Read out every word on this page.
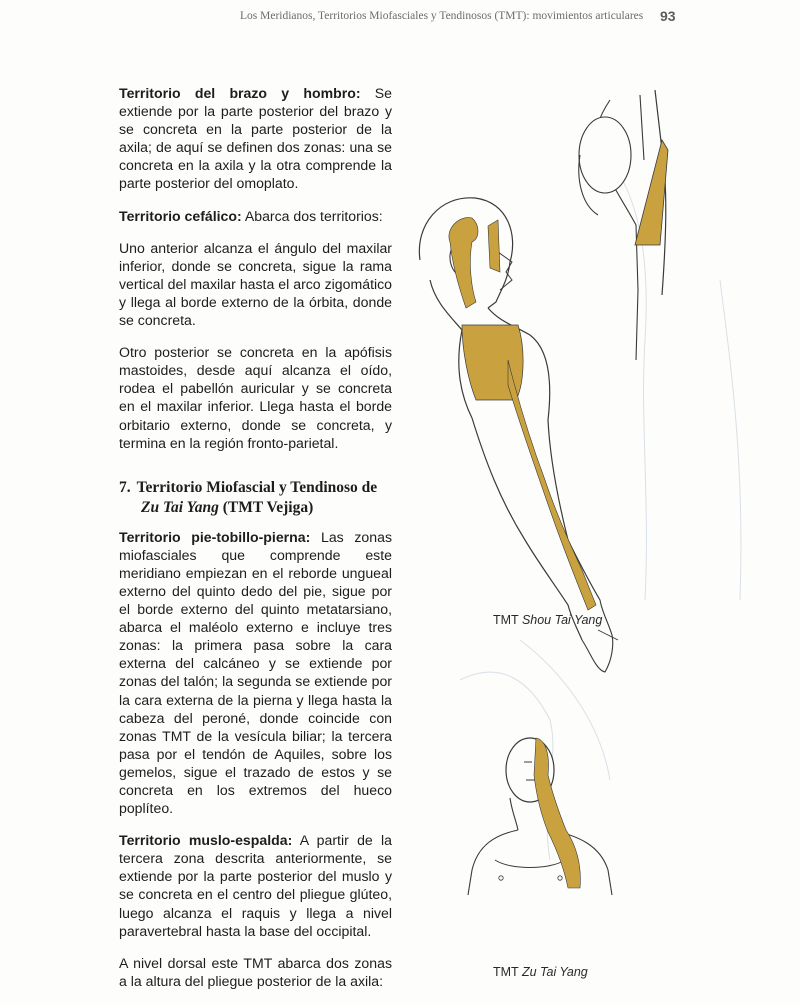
Los Meridianos, Territorios Miofasciales y Tendinosos (TMT): movimientos articulares 93

Territorio del brazo y hombro: Se extiende por la parte posterior del brazo y se concreta en la parte posterior de la axila; de aquí se definen dos zonas: una se concreta en la axila y la otra comprende la parte posterior del omoplato.

Territorio cefálico: Abarca dos territorios:

Uno anterior alcanza el ángulo del maxilar inferior, donde se concreta, sigue la rama vertical del maxilar hasta el arco zigomático y llega al borde externo de la órbita, donde se concreta.

Otro posterior se concreta en la apófisis mastoides, desde aquí alcanza el oído, rodea el pabellón auricular y se concreta en el maxilar inferior. Llega hasta el borde orbitario externo, donde se concreta, y termina en la región fronto-parietal.

7. Territorio Miofascial y Tendinoso de
Zu Tai Yang (TMT Vejiga)

Territorio pie-tobillo-pierna: Las zonas miofasciales que comprende este meridiano empiezan en el reborde ungueal externo del quinto dedo del pie, sigue por el borde externo del quinto metatarsiano, abarca el maléolo externo e incluye tres zonas: la primera pasa sobre la cara externa del calcáneo y se extiende por zonas del talón; la segunda se extiende por la cara externa de la pierna y llega hasta la cabeza del peroné, donde coincide con zonas TMT de la vesícula biliar; la tercera pasa por el tendón de Aquiles, sobre los gemelos, sigue el trazado de estos y se concreta en los extremos del hueco poplíteo.

Territorio muslo-espalda: A partir de la tercera zona descrita anteriormente, se extiende por la parte posterior del muslo y se concreta en el centro del pliegue glúteo, luego alcanza el raquis y llega a nivel paravertebral hasta la base del occipital.

A nivel dorsal este TMT abarca dos zonas a la altura del pliegue posterior de la axila:

TMT Shou Tai Yang
TMT Zu Tai Yang
